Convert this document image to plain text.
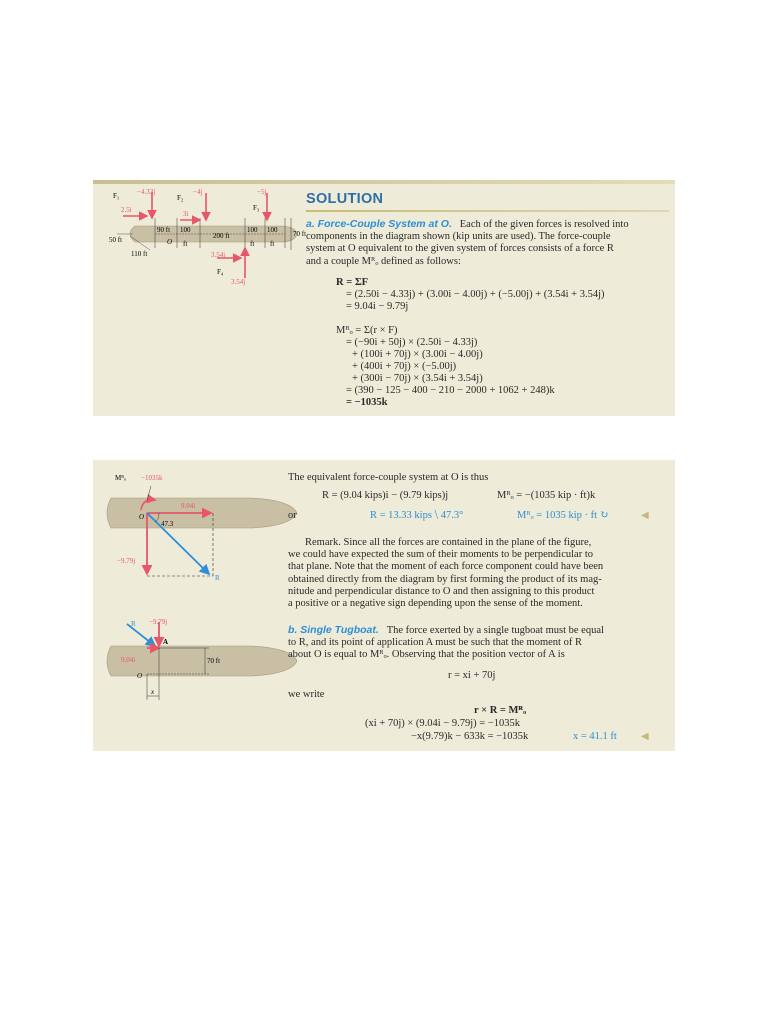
F₁	−4.33j
2.5i
F₂
−4j
3i
F₃
−5j
F₄
3.54i
3.54j
50 ft
90 ft 100
200 ft
100 100 70 ft
110 ft
O ft	ft ft
SOLUTION
a. Force-Couple System at O. Each of the given forces is resolved into
components in the diagram shown (kip units are used). The force-couple
system at O equivalent to the given system of forces consists of a force R
and a couple Mᴿₒ defined as follows:
R = ΣF
= (2.50i − 4.33j) + (3.00i − 4.00j) + (−5.00j) + (3.54i + 3.54j)
= 9.04i − 9.79j
Mᴿₒ = Σ(r × F)
= (−90i + 50j) × (2.50i − 4.33j)
+ (100i + 70j) × (3.00i − 4.00j)
+ (400i + 70j) × (−5.00j)
+ (300i − 70j) × (3.54i + 3.54j)
= (390 − 125 − 400 − 210 − 2000 + 1062 + 248)k
= −1035k
Mᴿₒ −1035k
9.04i
−9.79j
47.3
R
O
R −9.79j
A
9.04i	70 ft
O
x
The equivalent force-couple system at O is thus
R = (9.04 kips)i − (9.79 kips)j	Mᴿₒ = −(1035 kip · ft)k
or	R = 13.33 kips ⧹ 47.3°	Mᴿₒ = 1035 kip · ft ↻	◀
Remark. Since all the forces are contained in the plane of the figure,
we could have expected the sum of their moments to be perpendicular to
that plane. Note that the moment of each force component could have been
obtained directly from the diagram by first forming the product of its mag-
nitude and perpendicular distance to O and then assigning to this product
a positive or a negative sign depending upon the sense of the moment.
b. Single Tugboat. The force exerted by a single tugboat must be equal
to R, and its point of application A must be such that the moment of R
about O is equal to Mᴿₒ. Observing that the position vector of A is
r = xi + 70j
we write
r × R = Mᴿₒ
(xi + 70j) × (9.04i − 9.79j) = −1035k
−x(9.79)k − 633k = −1035k	x = 41.1 ft ◀
